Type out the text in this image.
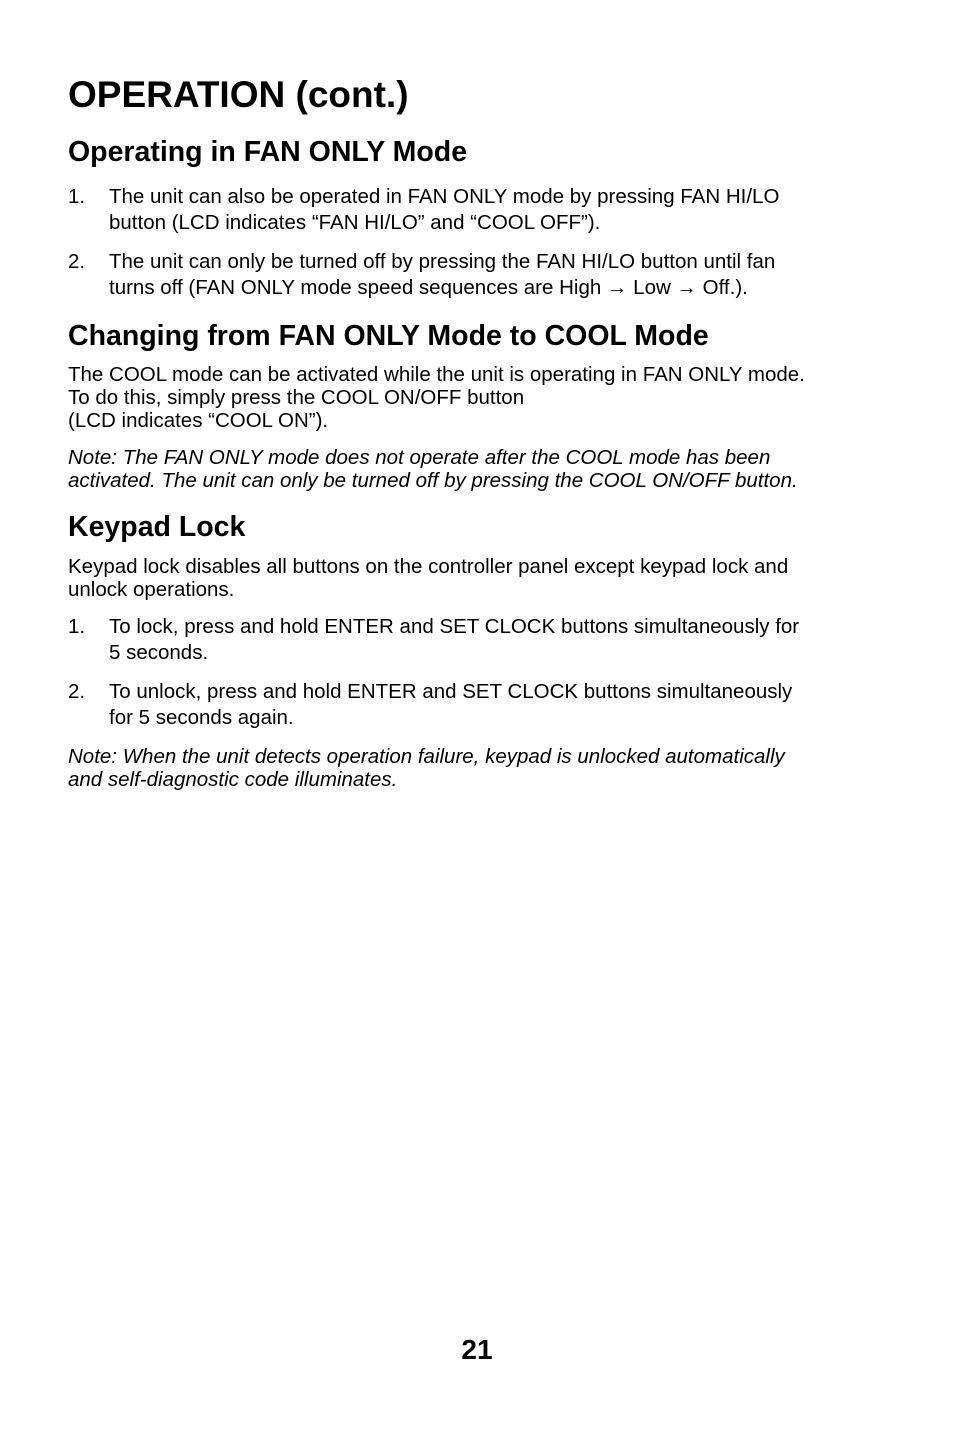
OPERATION (cont.)
Operating in FAN ONLY Mode
1. The unit can also be operated in FAN ONLY mode by pressing FAN HI/LO
button (LCD indicates “FAN HI/LO” and “COOL OFF”).
2. The unit can only be turned off by pressing the FAN HI/LO button until fan
turns off (FAN ONLY mode speed sequences are High → Low → Off.).
Changing from FAN ONLY Mode to COOL Mode

The COOL mode can be activated while the unit is operating in FAN ONLY mode.
To do this, simply press the COOL ON/OFF button
(LCD indicates “COOL ON”).

Note: The FAN ONLY mode does not operate after the COOL mode has been
activated. The unit can only be turned off by pressing the COOL ON/OFF button.

Keypad Lock

Keypad lock disables all buttons on the controller panel except keypad lock and
unlock operations.

1. To lock, press and hold ENTER and SET CLOCK buttons simultaneously for
5 seconds.
2. To unlock, press and hold ENTER and SET CLOCK buttons simultaneously
for 5 seconds again.

Note: When the unit detects operation failure, keypad is unlocked automatically
and self-diagnostic code illuminates.

21
